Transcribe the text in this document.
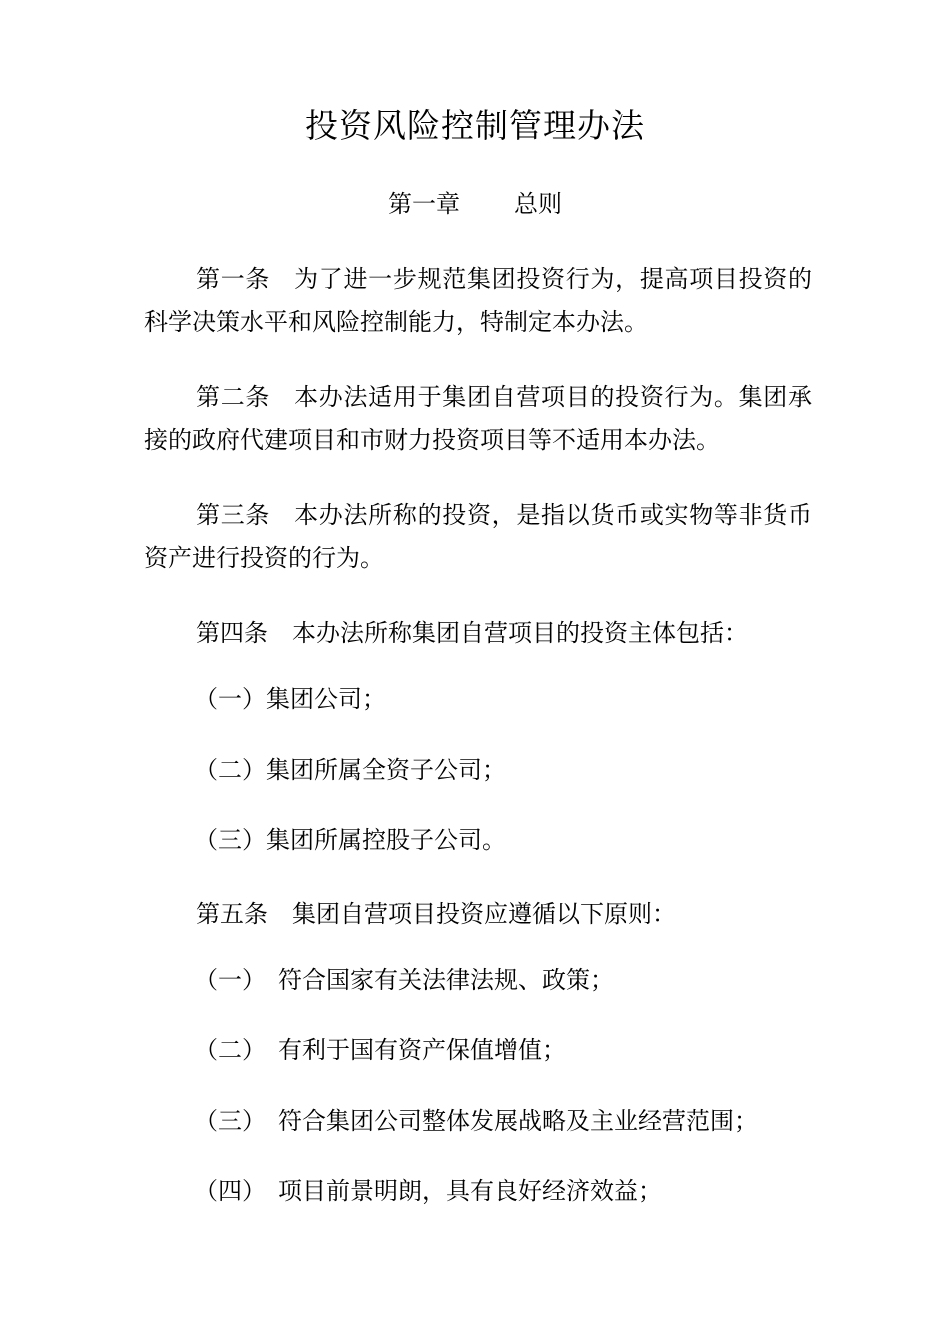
投资风险控制管理办法
第一章 总则
第一条 为了进一步规范集团投资行为，提高项目投资的科学决策水平和风险控制能力，特制定本办法。
第二条 本办法适用于集团自营项目的投资行为。集团承接的政府代建项目和市财力投资项目等不适用本办法。
第三条 本办法所称的投资，是指以货币或实物等非货币资产进行投资的行为。
第四条 本办法所称集团自营项目的投资主体包括：
（一）集团公司；
（二）集团所属全资子公司；
（三）集团所属控股子公司。
第五条 集团自营项目投资应遵循以下原则：
（一） 符合国家有关法律法规、政策；
（二） 有利于国有资产保值增值；
（三） 符合集团公司整体发展战略及主业经营范围；
（四） 项目前景明朗，具有良好经济效益；
